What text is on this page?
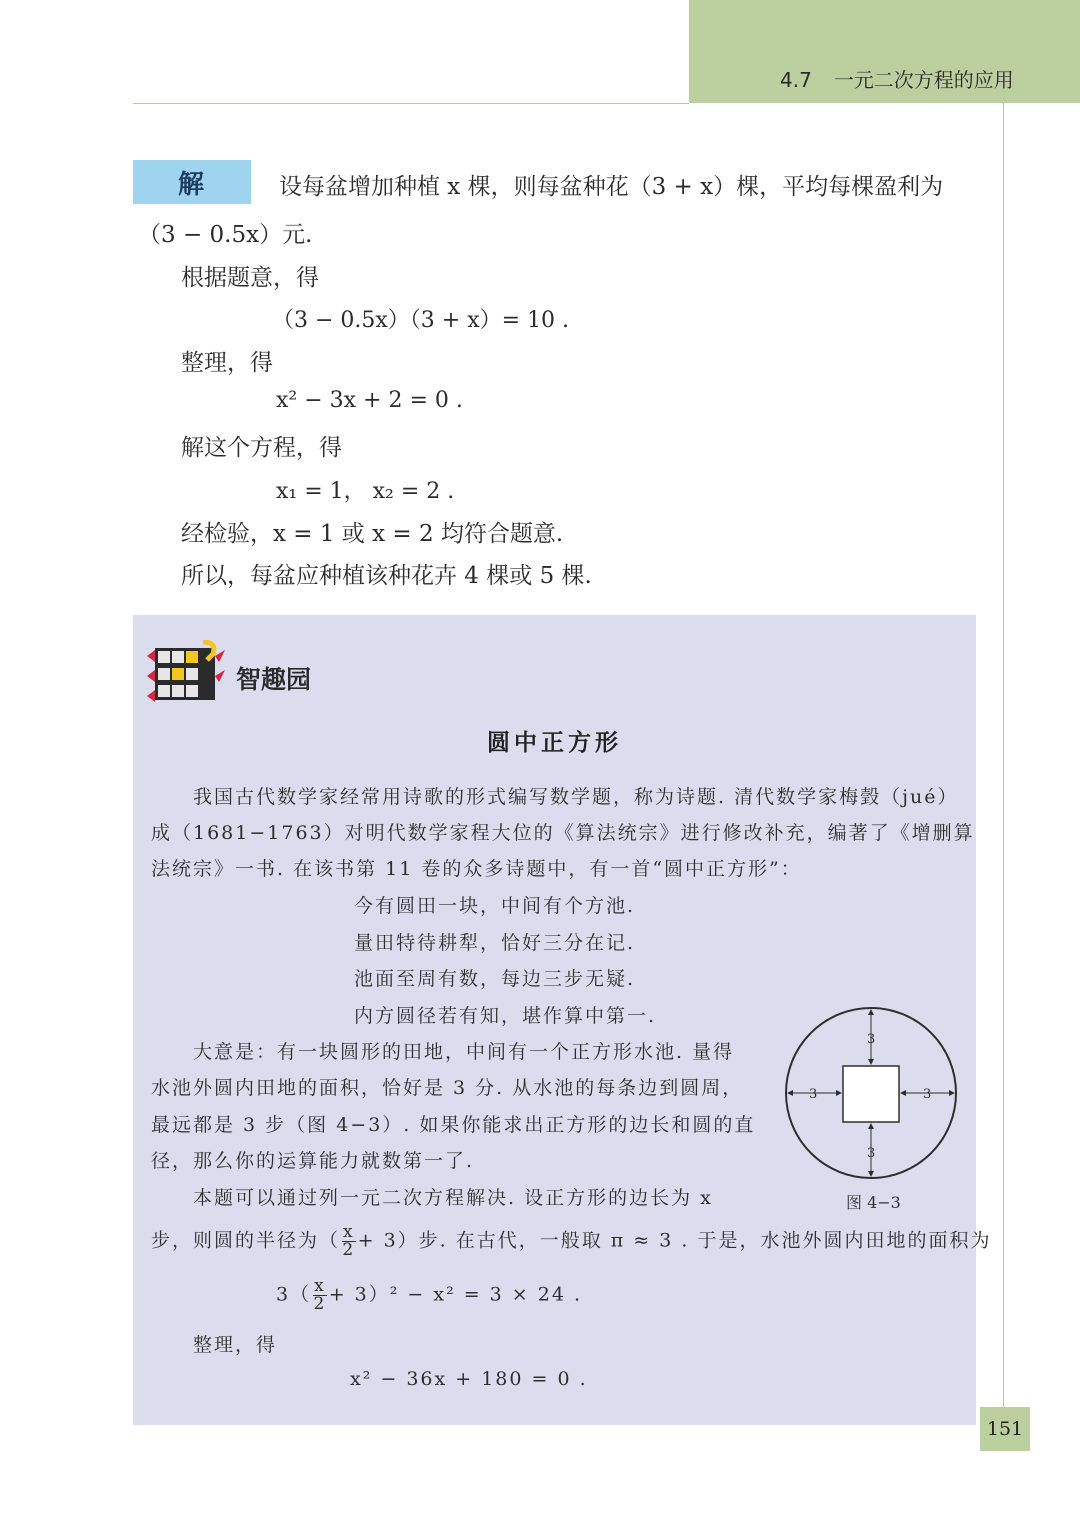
4.7 一元二次方程的应用
解	设每盆增加种植 x 棵，则每盆种花（3 + x）棵，平均每棵盈利为
（3 − 0.5x）元.
根据题意，得
（3 − 0.5x）（3 + x）= 10 .
整理，得
x² − 3x + 2 = 0 .
解这个方程，得
x₁ = 1， x₂ = 2 .
经检验，x = 1 或 x = 2 均符合题意.
所以，每盆应种植该种花卉 4 棵或 5 棵.
智趣园
圆中正方形
我国古代数学家经常用诗歌的形式编写数学题，称为诗题. 清代数学家梅瑴（jué）
成（1681−1763）对明代数学家程大位的《算法统宗》进行修改补充，编著了《增删算
法统宗》一书. 在该书第 11 卷的众多诗题中，有一首“圆中正方形”：
今有圆田一块，中间有个方池.
量田特待耕犁，恰好三分在记.
池面至周有数，每边三步无疑.
内方圆径若有知，堪作算中第一.
大意是：有一块圆形的田地，中间有一个正方形水池. 量得
水池外圆内田地的面积，恰好是 3 分. 从水池的每条边到圆周，
最远都是 3 步（图 4−3）. 如果你能求出正方形的边长和圆的直
径，那么你的运算能力就数第一了.
本题可以通过列一元二次方程解决. 设正方形的边长为 x
步，则圆的半径为（ $\frac{x}{2} + 3$）步. 在古代，一般取 π ≈ 3 . 于是，水池外圆内田地的面积为
$3( \frac{x}{2} + 3)^2 - x^2 = 3 \times 24$ .
整理，得
x² − 36x + 180 = 0 .
3
3
3	3
图 4−3
151
